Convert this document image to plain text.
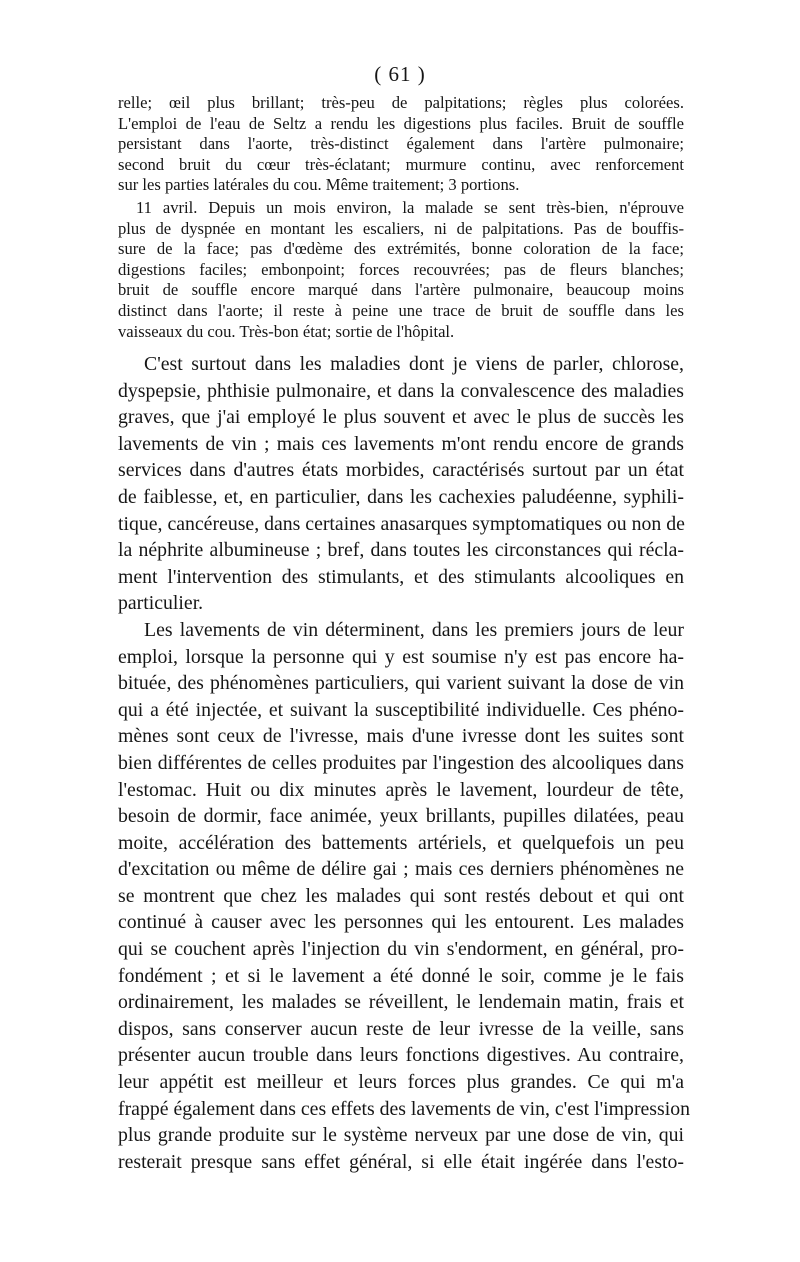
( 61 )

relle; œil plus brillant; très-peu de palpitations; règles plus colorées.
L'emploi de l'eau de Seltz a rendu les digestions plus faciles. Bruit de souffle
persistant dans l'aorte, très-distinct également dans l'artère pulmonaire;
second bruit du cœur très-éclatant; murmure continu, avec renforcement
sur les parties latérales du cou. Même traitement; 3 portions.

11 avril. Depuis un mois environ, la malade se sent très-bien, n'éprouve
plus de dyspnée en montant les escaliers, ni de palpitations. Pas de bouffis-
sure de la face; pas d'œdème des extrémités, bonne coloration de la face;
digestions faciles; embonpoint; forces recouvrées; pas de fleurs blanches;
bruit de souffle encore marqué dans l'artère pulmonaire, beaucoup moins
distinct dans l'aorte; il reste à peine une trace de bruit de souffle dans les
vaisseaux du cou. Très-bon état; sortie de l'hôpital.

C'est surtout dans les maladies dont je viens de parler, chlorose,
dyspepsie, phthisie pulmonaire, et dans la convalescence des maladies
graves, que j'ai employé le plus souvent et avec le plus de succès les
lavements de vin ; mais ces lavements m'ont rendu encore de grands
services dans d'autres états morbides, caractérisés surtout par un état
de faiblesse, et, en particulier, dans les cachexies paludéenne, syphili-
tique, cancéreuse, dans certaines anasarques symptomatiques ou non de
la néphrite albumineuse ; bref, dans toutes les circonstances qui récla-
ment l'intervention des stimulants, et des stimulants alcooliques en
particulier.
Les lavements de vin déterminent, dans les premiers jours de leur
emploi, lorsque la personne qui y est soumise n'y est pas encore ha-
bituée, des phénomènes particuliers, qui varient suivant la dose de vin
qui a été injectée, et suivant la susceptibilité individuelle. Ces phéno-
mènes sont ceux de l'ivresse, mais d'une ivresse dont les suites sont
bien différentes de celles produites par l'ingestion des alcooliques dans
l'estomac. Huit ou dix minutes après le lavement, lourdeur de tête,
besoin de dormir, face animée, yeux brillants, pupilles dilatées, peau
moite, accélération des battements artériels, et quelquefois un peu
d'excitation ou même de délire gai ; mais ces derniers phénomènes ne
se montrent que chez les malades qui sont restés debout et qui ont
continué à causer avec les personnes qui les entourent. Les malades
qui se couchent après l'injection du vin s'endorment, en général, pro-
fondément ; et si le lavement a été donné le soir, comme je le fais
ordinairement, les malades se réveillent, le lendemain matin, frais et
dispos, sans conserver aucun reste de leur ivresse de la veille, sans
présenter aucun trouble dans leurs fonctions digestives. Au contraire,
leur appétit est meilleur et leurs forces plus grandes. Ce qui m'a
frappé également dans ces effets des lavements de vin, c'est l'impression
plus grande produite sur le système nerveux par une dose de vin, qui
resterait presque sans effet général, si elle était ingérée dans l'esto-
